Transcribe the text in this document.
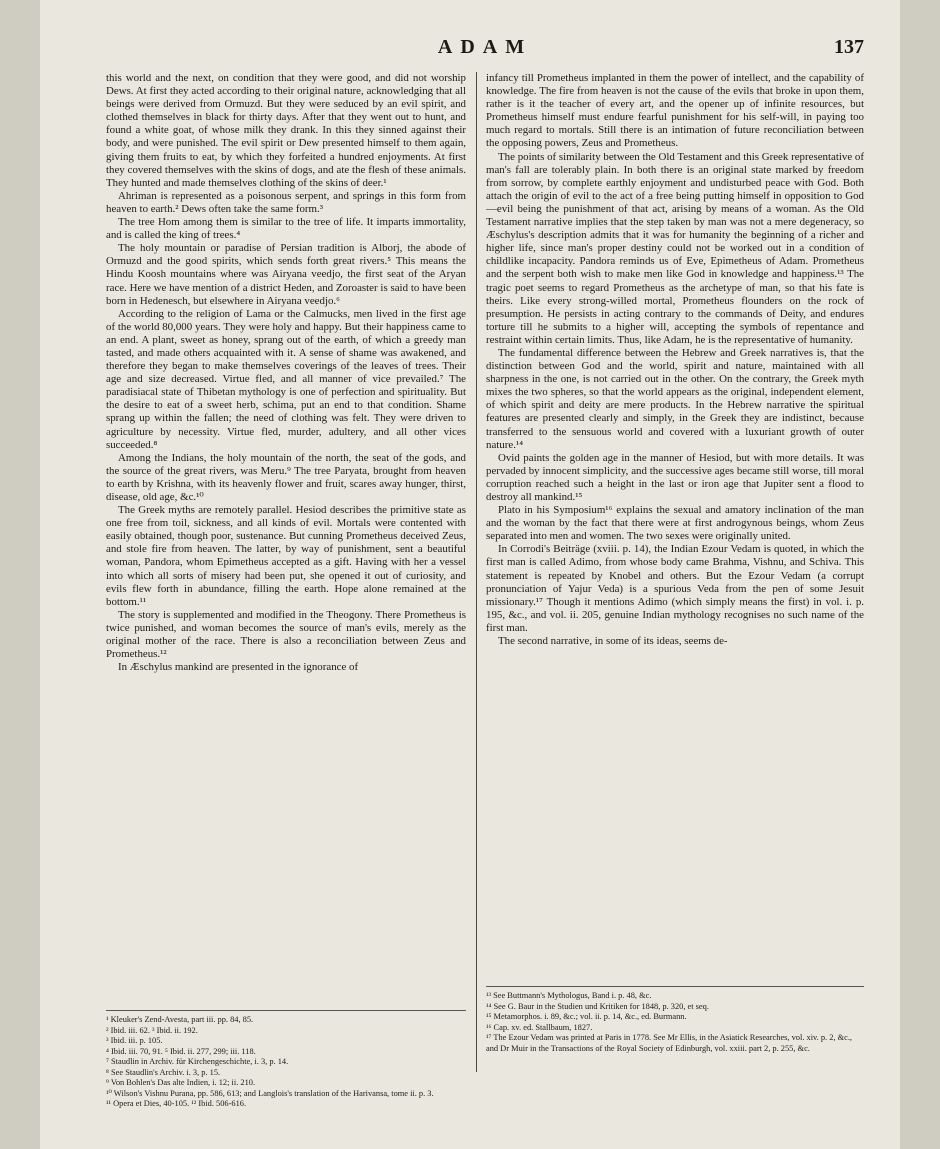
ADAM	137

this world and the next, on condition that they were good, and did not worship Dews. At first they acted according to their original nature, acknowledging that all beings were derived from Ormuzd. But they were seduced by an evil spirit, and clothed themselves in black for thirty days. After that they went out to hunt, and found a white goat, of whose milk they drank. In this they sinned against their body, and were punished. The evil spirit or Dew presented himself to them again, giving them fruits to eat, by which they forfeited a hundred enjoyments. At first they covered themselves with the skins of dogs, and ate the flesh of these animals. They hunted and made themselves clothing of the skins of deer.¹

Ahriman is represented as a poisonous serpent, and springs in this form from heaven to earth.² Dews often take the same form.³

The tree Hom among them is similar to the tree of life. It imparts immortality, and is called the king of trees.⁴

The holy mountain or paradise of Persian tradition is Alborj, the abode of Ormuzd and the good spirits, which sends forth great rivers.⁵ This means the Hindu Koosh mountains where was Airyana veedjo, the first seat of the Aryan race. Here we have mention of a district Heden, and Zoroaster is said to have been born in Hedenesch, but elsewhere in Airyana veedjo.⁶

According to the religion of Lama or the Calmucks, men lived in the first age of the world 80,000 years. They were holy and happy. But their happiness came to an end. A plant, sweet as honey, sprang out of the earth, of which a greedy man tasted, and made others acquainted with it. A sense of shame was awakened, and therefore they began to make themselves coverings of the leaves of trees. Their age and size decreased. Virtue fled, and all manner of vice prevailed.⁷ The paradisiacal state of Thibetan mythology is one of perfection and spirituality. But the desire to eat of a sweet herb, schima, put an end to that condition. Shame sprang up within the fallen; the need of clothing was felt. They were driven to agriculture by necessity. Virtue fled, murder, adultery, and all other vices succeeded.⁸

Among the Indians, the holy mountain of the north, the seat of the gods, and the source of the great rivers, was Meru.⁹ The tree Paryata, brought from heaven to earth by Krishna, with its heavenly flower and fruit, scares away hunger, thirst, disease, old age, &c.¹⁰

The Greek myths are remotely parallel. Hesiod describes the primitive state as one free from toil, sickness, and all kinds of evil. Mortals were contented with easily obtained, though poor, sustenance. But cunning Prometheus deceived Zeus, and stole fire from heaven. The latter, by way of punishment, sent a beautiful woman, Pandora, whom Epimetheus accepted as a gift. Having with her a vessel into which all sorts of misery had been put, she opened it out of curiosity, and evils flew forth in abundance, filling the earth. Hope alone remained at the bottom.¹¹

The story is supplemented and modified in the Theogony. There Prometheus is twice punished, and woman becomes the source of man's evils, merely as the original mother of the race. There is also a reconciliation between Zeus and Prometheus.¹²

In Æschylus mankind are presented in the ignorance of

infancy till Prometheus implanted in them the power of intellect, and the capability of knowledge. The fire from heaven is not the cause of the evils that broke in upon them, rather is it the teacher of every art, and the opener up of infinite resources, but Prometheus himself must endure fearful punishment for his self-will, in paying too much regard to mortals. Still there is an intimation of future reconciliation between the opposing powers, Zeus and Prometheus.

The points of similarity between the Old Testament and this Greek representative of man's fall are tolerably plain. In both there is an original state marked by freedom from sorrow, by complete earthly enjoyment and undisturbed peace with God. Both attach the origin of evil to the act of a free being putting himself in opposition to God—evil being the punishment of that act, arising by means of a woman. As the Old Testament narrative implies that the step taken by man was not a mere degeneracy, so Æschylus's description admits that it was for humanity the beginning of a richer and higher life, since man's proper destiny could not be worked out in a condition of childlike incapacity. Pandora reminds us of Eve, Epimetheus of Adam. Prometheus and the serpent both wish to make men like God in knowledge and happiness.¹³ The tragic poet seems to regard Prometheus as the archetype of man, so that his fate is theirs. Like every strong-willed mortal, Prometheus flounders on the rock of presumption. He persists in acting contrary to the commands of Deity, and endures torture till he submits to a higher will, accepting the symbols of repentance and restraint within certain limits. Thus, like Adam, he is the representative of humanity.

The fundamental difference between the Hebrew and Greek narratives is, that the distinction between God and the world, spirit and nature, maintained with all sharpness in the one, is not carried out in the other. On the contrary, the Greek myth mixes the two spheres, so that the world appears as the original, independent element, of which spirit and deity are mere products. In the Hebrew narrative the spiritual features are presented clearly and simply, in the Greek they are indistinct, because transferred to the sensuous world and covered with a luxuriant growth of outer nature.¹⁴

Ovid paints the golden age in the manner of Hesiod, but with more details. It was pervaded by innocent simplicity, and the successive ages became still worse, till moral corruption reached such a height in the last or iron age that Jupiter sent a flood to destroy all mankind.¹⁵

Plato in his Symposium¹⁶ explains the sexual and amatory inclination of the man and the woman by the fact that there were at first androgynous beings, whom Zeus separated into men and women. The two sexes were originally united.

In Corrodi's Beiträge (xviii. p. 14), the Indian Ezour Vedam is quoted, in which the first man is called Adimo, from whose body came Brahma, Vishnu, and Schiva. This statement is repeated by Knobel and others. But the Ezour Vedam (a corrupt pronunciation of Yajur Veda) is a spurious Veda from the pen of some Jesuit missionary.¹⁷ Though it mentions Adimo (which simply means the first) in vol. i. p. 195, &c., and vol. ii. 205, genuine Indian mythology recognises no such name of the first man.

The second narrative, in some of its ideas, seems de-

¹ Kleuker's Zend-Avesta, part iii. pp. 84, 85.

² Ibid. iii. 62. ³ Ibid. ii. 192.

³ Ibid. iii. p. 105.

⁴ Ibid. iii. 70, 91. ⁵ Ibid. ii. 277, 299; iii. 118.

⁷ Staudlin in Archiv. für Kirchengeschichte, i. 3, p. 14.

⁸ See Staudlin's Archiv. i. 3, p. 15.

⁹ Von Bohlen's Das alte Indien, i. 12; ii. 210.

¹⁰ Wilson's Vishnu Purana, pp. 586, 613; and Langlois's translation of the Harivansa, tome ii. p. 3.

¹¹ Opera et Dies, 40-105. ¹² Ibid. 506-616.

¹³ See Buttmann's Mythologus, Band i. p. 48, &c.

¹⁴ See G. Baur in the Studien und Kritiken for 1848, p. 320, et seq.

¹⁵ Metamorphos. i. 89, &c.; vol. ii. p. 14, &c., ed. Burmann.

¹⁶ Cap. xv. ed. Stallbaum, 1827.

¹⁷ The Ezour Vedam was printed at Paris in 1778. See Mr Ellis, in the Asiatick Researches, vol. xiv. p. 2, &c., and Dr Muir in the Transactions of the Royal Society of Edinburgh, vol. xxiii. part 2, p. 255, &c.
